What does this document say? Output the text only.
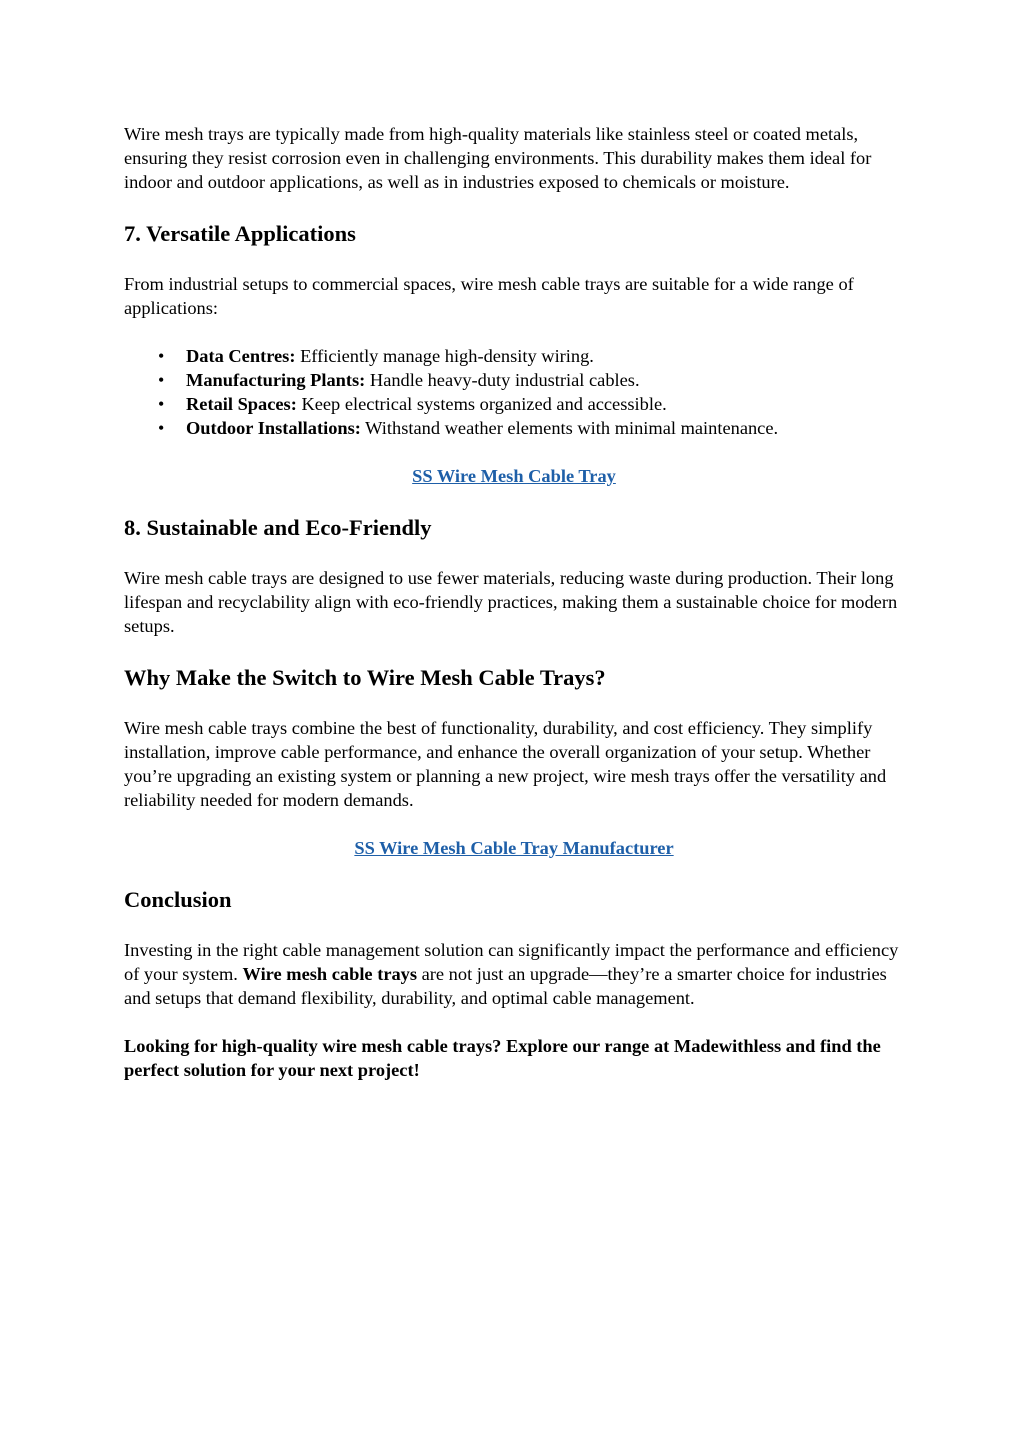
Wire mesh trays are typically made from high-quality materials like stainless steel or coated metals, ensuring they resist corrosion even in challenging environments. This durability makes them ideal for indoor and outdoor applications, as well as in industries exposed to chemicals or moisture.

7. Versatile Applications

From industrial setups to commercial spaces, wire mesh cable trays are suitable for a wide range of applications:

• Data Centres: Efficiently manage high-density wiring.
• Manufacturing Plants: Handle heavy-duty industrial cables.
• Retail Spaces: Keep electrical systems organized and accessible.
• Outdoor Installations: Withstand weather elements with minimal maintenance.

SS Wire Mesh Cable Tray

8. Sustainable and Eco-Friendly

Wire mesh cable trays are designed to use fewer materials, reducing waste during production. Their long lifespan and recyclability align with eco-friendly practices, making them a sustainable choice for modern setups.

Why Make the Switch to Wire Mesh Cable Trays?

Wire mesh cable trays combine the best of functionality, durability, and cost efficiency. They simplify installation, improve cable performance, and enhance the overall organization of your setup. Whether you’re upgrading an existing system or planning a new project, wire mesh trays offer the versatility and reliability needed for modern demands.

SS Wire Mesh Cable Tray Manufacturer

Conclusion

Investing in the right cable management solution can significantly impact the performance and efficiency of your system. Wire mesh cable trays are not just an upgrade—they’re a smarter choice for industries and setups that demand flexibility, durability, and optimal cable management.

Looking for high-quality wire mesh cable trays? Explore our range at Madewithless and find the perfect solution for your next project!
